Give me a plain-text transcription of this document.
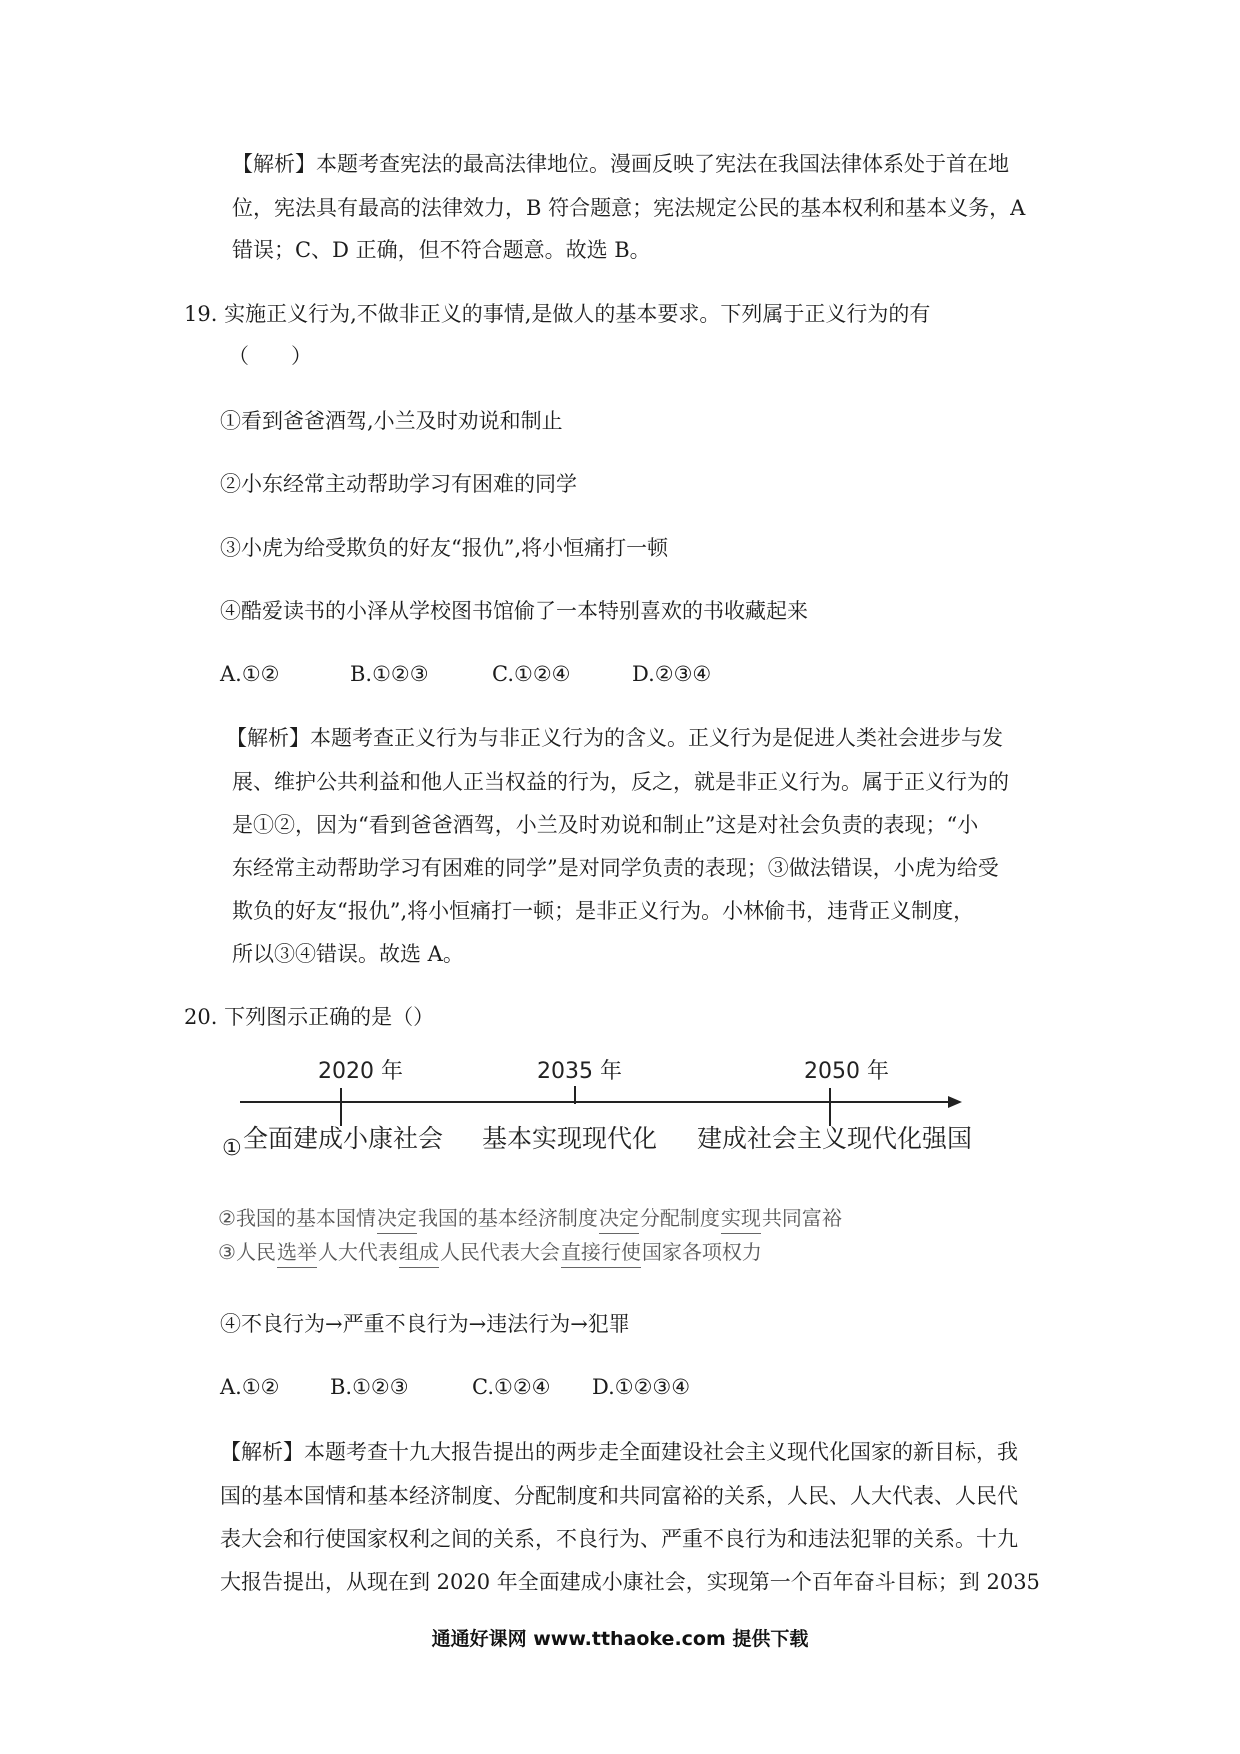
【解析】本题考查宪法的最高法律地位。漫画反映了宪法在我国法律体系处于首在地
位，宪法具有最高的法律效力，B 符合题意；宪法规定公民的基本权利和基本义务，A
错误；C、D 正确，但不符合题意。故选 B。
19. 实施正义行为,不做非正义的事情,是做人的基本要求。下列属于正义行为的有
（　　）
①看到爸爸酒驾,小兰及时劝说和制止
②小东经常主动帮助学习有困难的同学
③小虎为给受欺负的好友“报仇”,将小恒痛打一顿
④酷爱读书的小泽从学校图书馆偷了一本特别喜欢的书收藏起来
A.①②	B.①②③	C.①②④	D.②③④
【解析】本题考查正义行为与非正义行为的含义。正义行为是促进人类社会进步与发
展、维护公共利益和他人正当权益的行为，反之，就是非正义行为。属于正义行为的
是①②，因为“看到爸爸酒驾，小兰及时劝说和制止”这是对社会负责的表现；“小
东经常主动帮助学习有困难的同学”是对同学负责的表现；③做法错误，小虎为给受
欺负的好友“报仇”,将小恒痛打一顿；是非正义行为。小林偷书，违背正义制度，
所以③④错误。故选 A。
20. 下列图示正确的是（）
2020 年	2035 年	2050 年
① 全面建成小康社会 基本实现现代化 建成社会主义现代化强国
②我国的基本国情决定我国的基本经济制度决定分配制度实现共同富裕
③人民选举人大代表组成人民代表大会直接行使国家各项权力
④不良行为→严重不良行为→违法行为→犯罪
A.①② B.①②③	C.①②④ D.①②③④
【解析】本题考查十九大报告提出的两步走全面建设社会主义现代化国家的新目标，我
国的基本国情和基本经济制度、分配制度和共同富裕的关系，人民、人大代表、人民代
表大会和行使国家权利之间的关系，不良行为、严重不良行为和违法犯罪的关系。十九
大报告提出，从现在到 2020 年全面建成小康社会，实现第一个百年奋斗目标；到 2035
通通好课网 www.tthaoke.com 提供下载
